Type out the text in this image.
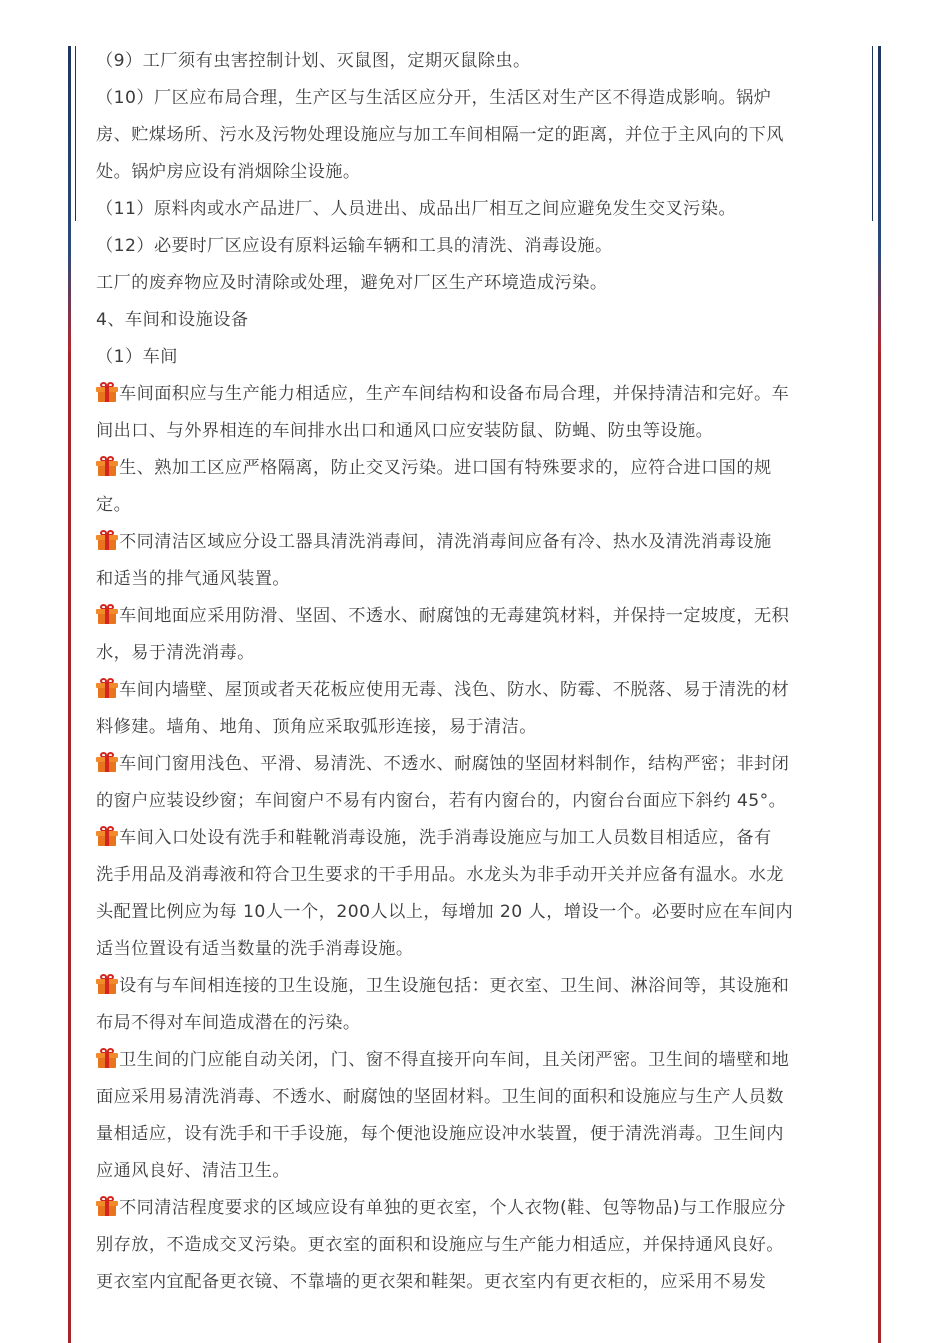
（9）工厂须有虫害控制计划、灭鼠图，定期灭鼠除虫。
（10）厂区应布局合理，生产区与生活区应分开，生活区对生产区不得造成影响。锅炉
房、贮煤场所、污水及污物处理设施应与加工车间相隔一定的距离，并位于主风向的下风
处。锅炉房应设有消烟除尘设施。
（11）原料肉或水产品进厂、人员进出、成品出厂相互之间应避免发生交叉污染。
（12）必要时厂区应设有原料运输车辆和工具的清洗、消毒设施。
工厂的废弃物应及时清除或处理，避免对厂区生产环境造成污染。
4、车间和设施设备
（1）车间
车间面积应与生产能力相适应，生产车间结构和设备布局合理，并保持清洁和完好。车
间出口、与外界相连的车间排水出口和通风口应安装防鼠、防蝇、防虫等设施。
生、熟加工区应严格隔离，防止交叉污染。进口国有特殊要求的，应符合进口国的规
定。
不同清洁区域应分设工器具清洗消毒间，清洗消毒间应备有冷、热水及清洗消毒设施
和适当的排气通风装置。
车间地面应采用防滑、坚固、不透水、耐腐蚀的无毒建筑材料，并保持一定坡度，无积
水，易于清洗消毒。
车间内墙壁、屋顶或者天花板应使用无毒、浅色、防水、防霉、不脱落、易于清洗的材
料修建。墙角、地角、顶角应采取弧形连接，易于清洁。
车间门窗用浅色、平滑、易清洗、不透水、耐腐蚀的坚固材料制作，结构严密；非封闭
的窗户应装设纱窗；车间窗户不易有内窗台，若有内窗台的，内窗台台面应下斜约 45°。
车间入口处设有洗手和鞋靴消毒设施，洗手消毒设施应与加工人员数目相适应，备有
洗手用品及消毒液和符合卫生要求的干手用品。水龙头为非手动开关并应备有温水。水龙
头配置比例应为每 10人一个，200人以上，每增加 20 人，增设一个。必要时应在车间内
适当位置设有适当数量的洗手消毒设施。
设有与车间相连接的卫生设施，卫生设施包括：更衣室、卫生间、淋浴间等，其设施和
布局不得对车间造成潜在的污染。
卫生间的门应能自动关闭，门、窗不得直接开向车间，且关闭严密。卫生间的墙壁和地
面应采用易清洗消毒、不透水、耐腐蚀的坚固材料。卫生间的面积和设施应与生产人员数
量相适应，设有洗手和干手设施，每个便池设施应设冲水装置，便于清洗消毒。卫生间内
应通风良好、清洁卫生。
不同清洁程度要求的区域应设有单独的更衣室，个人衣物(鞋、包等物品)与工作服应分
别存放，不造成交叉污染。更衣室的面积和设施应与生产能力相适应，并保持通风良好。
更衣室内宜配备更衣镜、不靠墙的更衣架和鞋架。更衣室内有更衣柜的，应采用不易发
